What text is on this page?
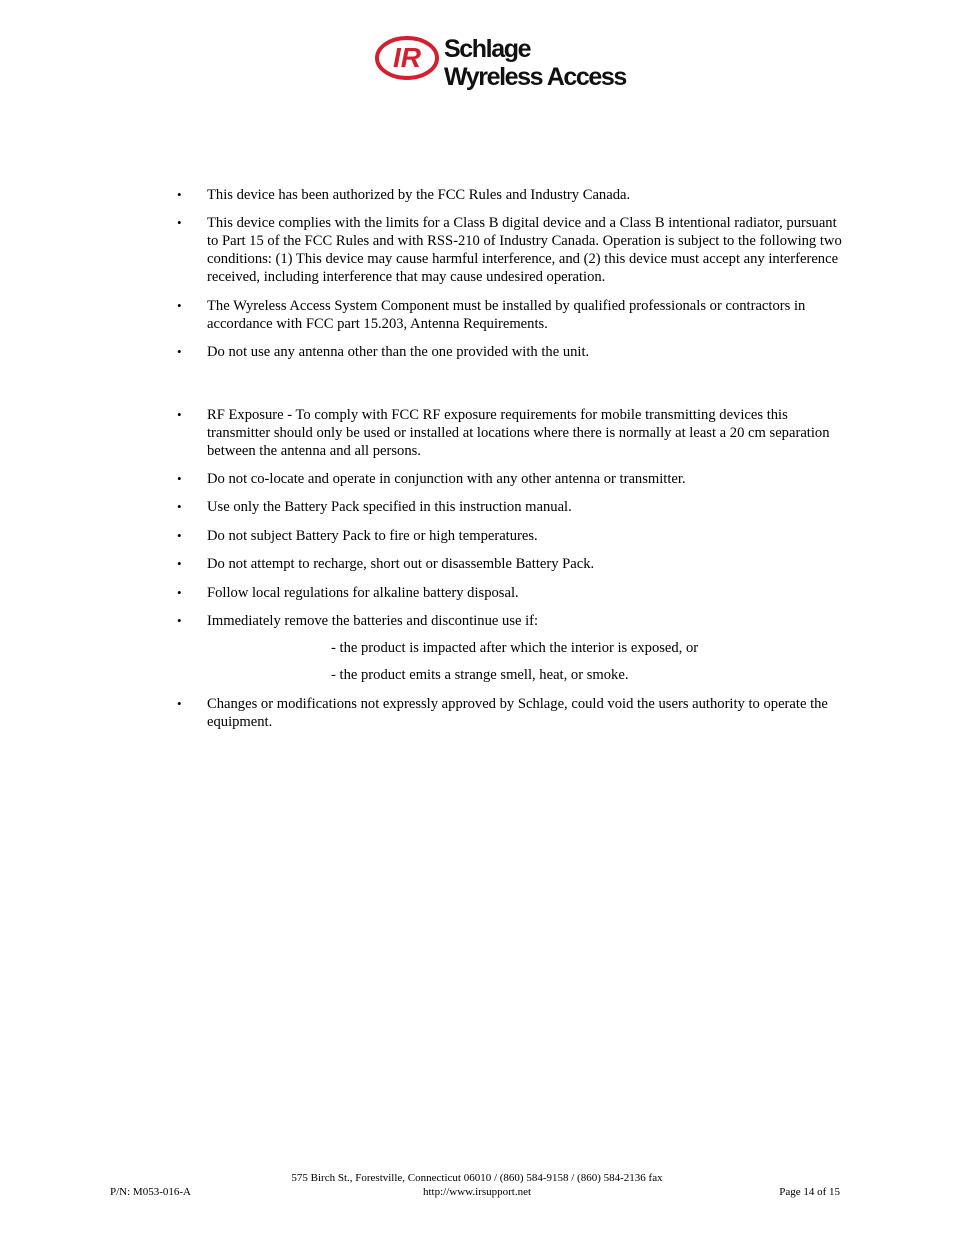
IR Schlage
Wyreless Access
• This device has been authorized by the FCC Rules and Industry Canada.
• This device complies with the limits for a Class B digital device and a Class B intentional radiator, pursuant to Part 15 of the FCC Rules and with RSS-210 of Industry Canada. Operation is subject to the following two conditions: (1) This device may cause harmful interference, and (2) this device must accept any interference received, including interference that may cause undesired operation.
• The Wyreless Access System Component must be installed by qualified professionals or contractors in accordance with FCC part 15.203, Antenna Requirements.
• Do not use any antenna other than the one provided with the unit.
• RF Exposure - To comply with FCC RF exposure requirements for mobile transmitting devices this transmitter should only be used or installed at locations where there is normally at least a 20 cm separation between the antenna and all persons.
• Do not co-locate and operate in conjunction with any other antenna or transmitter.
• Use only the Battery Pack specified in this instruction manual.
• Do not subject Battery Pack to fire or high temperatures.
• Do not attempt to recharge, short out or disassemble Battery Pack.
• Follow local regulations for alkaline battery disposal.
• Immediately remove the batteries and discontinue use if:
- the product is impacted after which the interior is exposed, or
- the product emits a strange smell, heat, or smoke.
• Changes or modifications not expressly approved by Schlage, could void the users authority to operate the equipment.
575 Birch St., Forestville, Connecticut 06010 / (860) 584-9158 / (860) 584-2136 fax
P/N: M053-016-A	http://www.irsupport.net	Page 14 of 15
